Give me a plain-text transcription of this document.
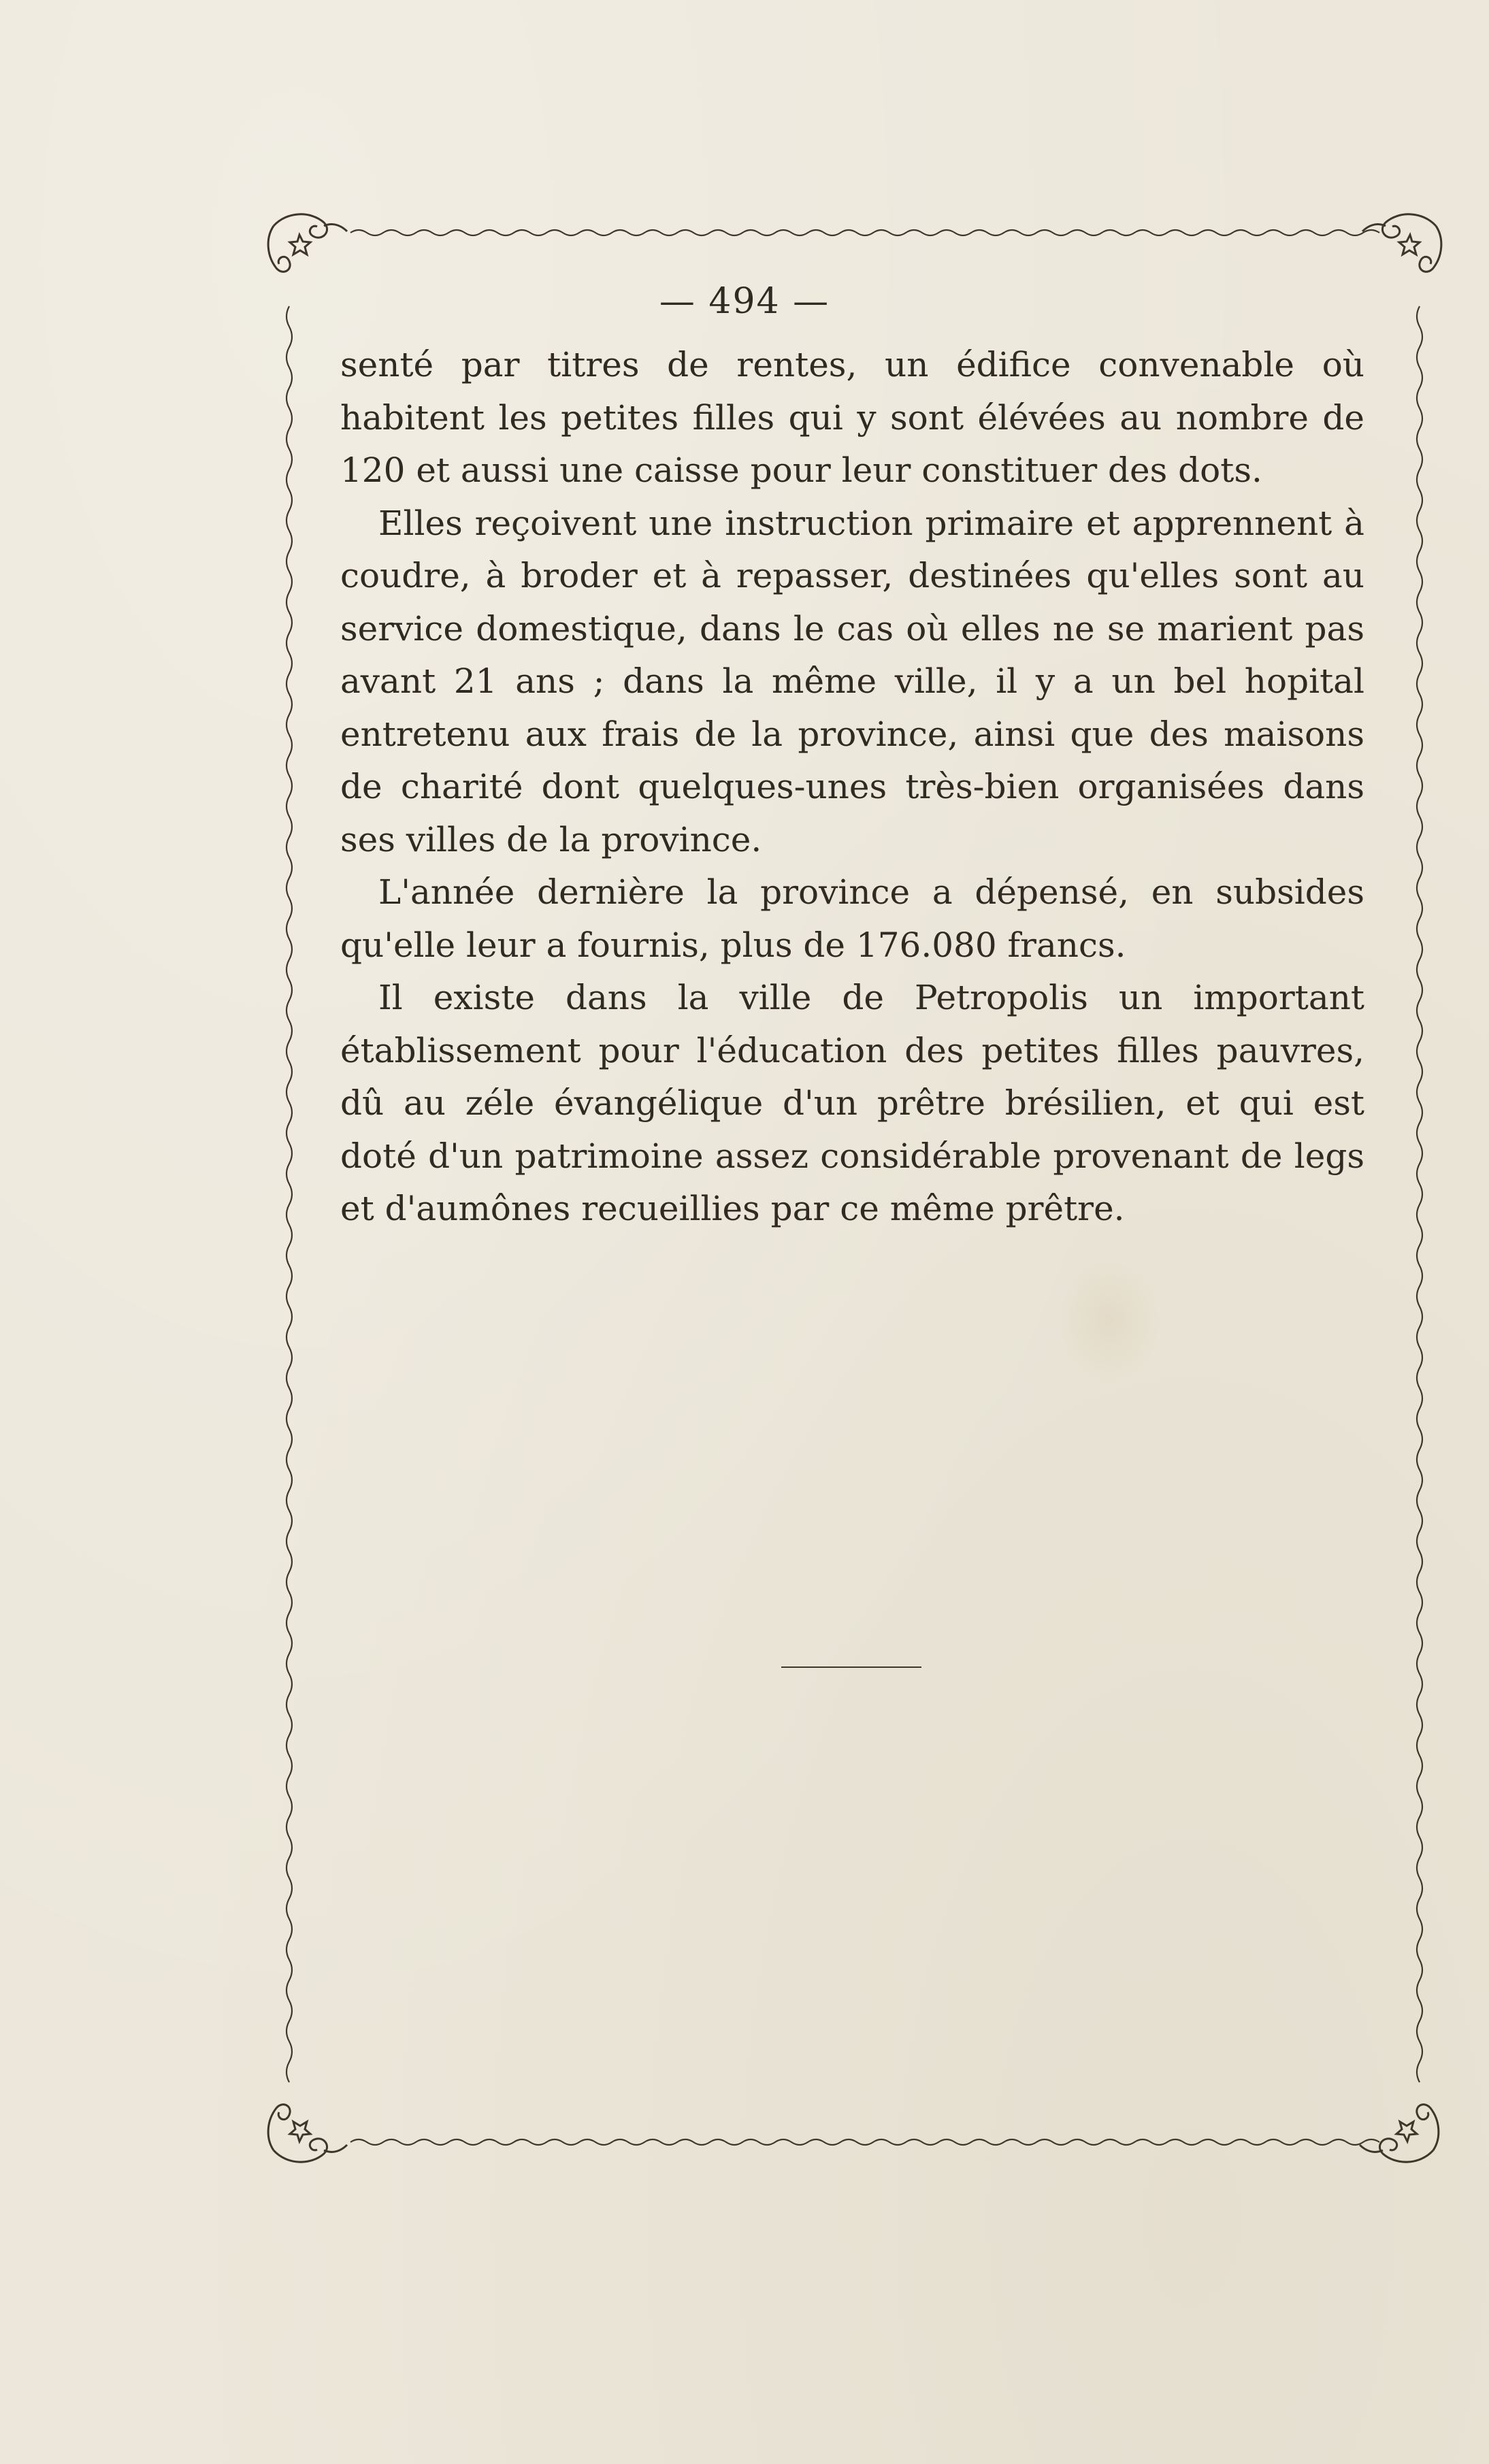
— 494 —

senté par titres de rentes, un édifice convenable où habitent les petites filles qui y sont élévées au nombre de 120 et aussi une caisse pour leur constituer des dots.

Elles reçoivent une instruction primaire et apprennent à coudre, à broder et à repasser, destinées qu'elles sont au service domestique, dans le cas où elles ne se marient pas avant 21 ans ; dans la même ville, il y a un bel hopital entretenu aux frais de la province, ainsi que des maisons de charité dont quelques-unes très-bien organisées dans ses villes de la province.

L'année dernière la province a dépensé, en subsides qu'elle leur a fournis, plus de 176.080 francs.

Il existe dans la ville de Petropolis un important établissement pour l'éducation des petites filles pauvres, dû au zéle évangélique d'un prêtre brésilien, et qui est doté d'un patrimoine assez considérable provenant de legs et d'aumônes recueillies par ce même prêtre.
